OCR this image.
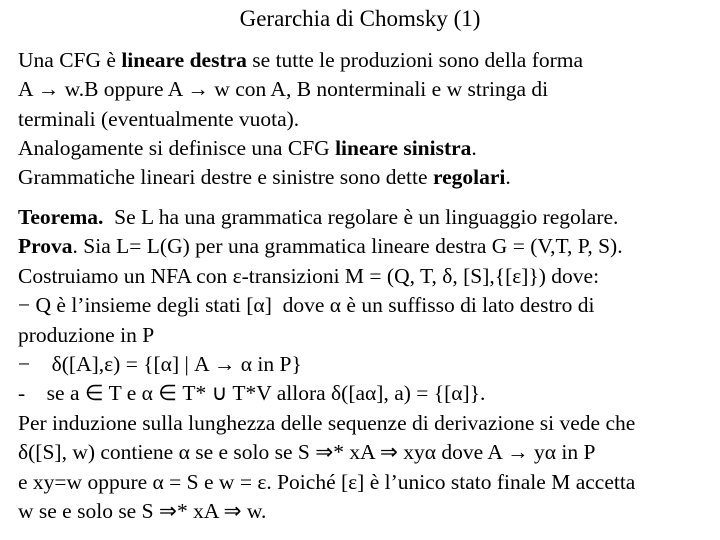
Gerarchia di Chomsky (1)
Una CFG è lineare destra se tutte le produzioni sono della forma
A → w.B oppure A → w con A, B nonterminali e w stringa di
terminali (eventualmente vuota).
Analogamente si definisce una CFG lineare sinistra.
Grammatiche lineari destre e sinistre sono dette regolari.
Teorema.  Se L ha una grammatica regolare è un linguaggio regolare.
Prova. Sia L= L(G) per una grammatica lineare destra G = (V,T, P, S).
Costruiamo un NFA con ε-transizioni M = (Q, T, δ, [S],{[ε]}) dove:
− Q è l’insieme degli stati [α]  dove α è un suffisso di lato destro di
produzione in P
−    δ([A],ε) = {[α] | A → α in P}
-    se a ∈ T e α ∈ T* ∪ T*V allora δ([aα], a) = {[α]}.
Per induzione sulla lunghezza delle sequenze di derivazione si vede che
δ([S], w) contiene α se e solo se S ⇒* xA ⇒ xyα dove A → yα in P
e xy=w oppure α = S e w = ε. Poiché [ε] è l’unico stato finale M accetta
w se e solo se S ⇒* xA ⇒ w.
